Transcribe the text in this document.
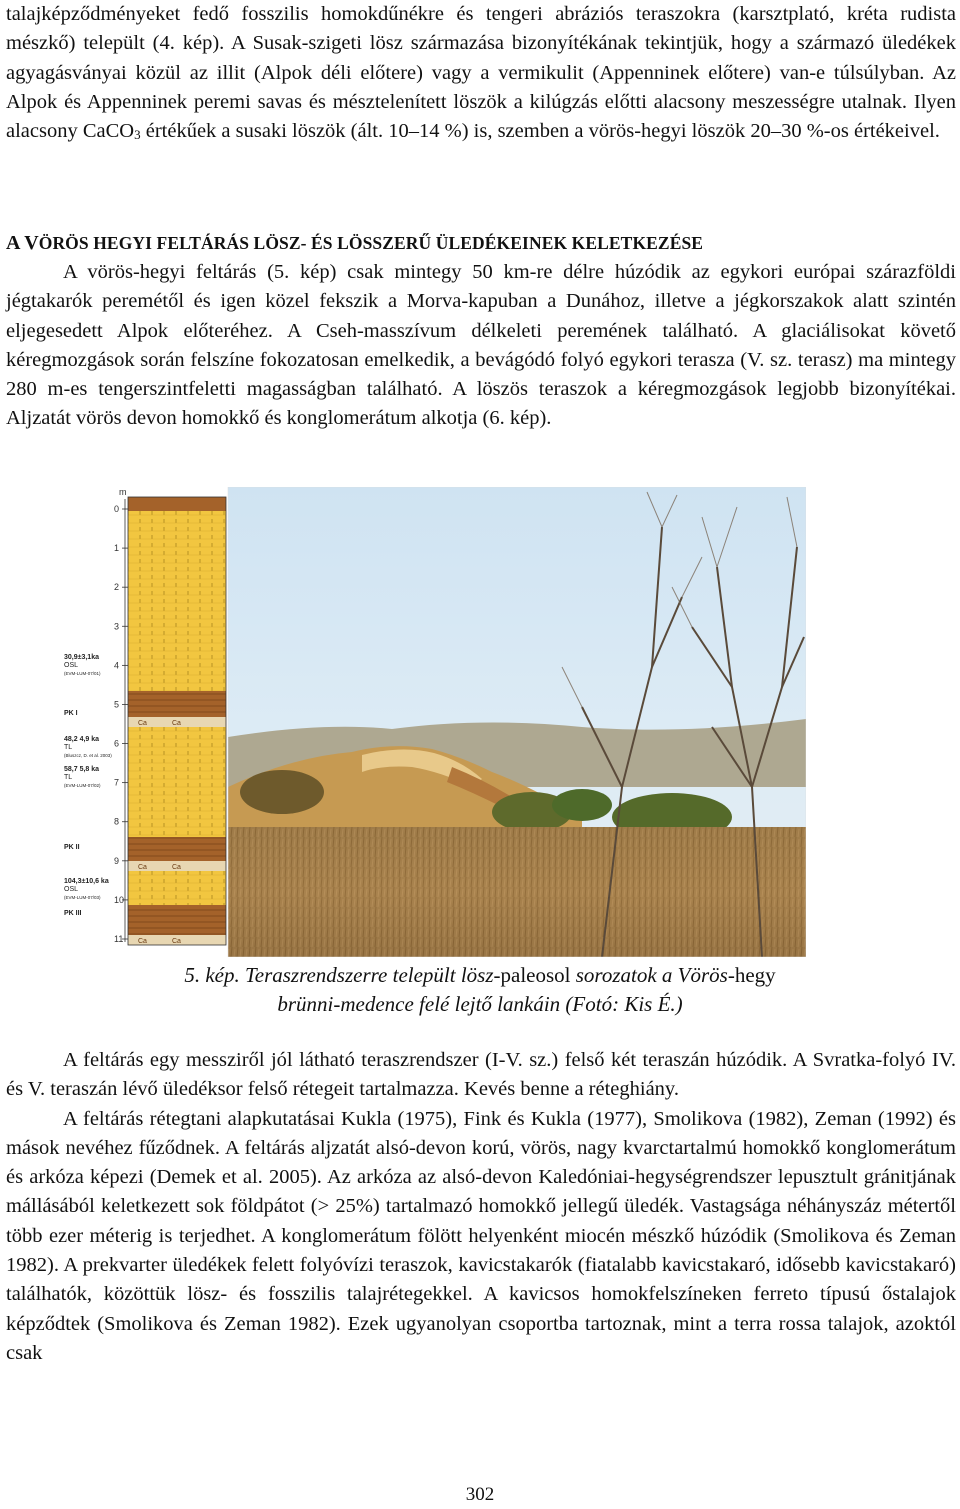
talajképződményeket fedő fosszilis homokdűnékre és tengeri abráziós teraszokra (karsztplató, kréta rudista mészkő) települt (4. kép). A Susak-szigeti lösz származása bizonyítékának tekintjük, hogy a származó üledékek agyagásványai közül az illit (Alpok déli előtere) vagy a vermikulit (Appenninek előtere) van-e túlsúlyban. Az Alpok és Appenninek peremi savas és mésztelenített löszök a kilúgzás előtti alacsony meszességre utalnak. Ilyen alacsony CaCO$_3$ értékűek a susaki löszök (ált. 10–14 %) is, szemben a vörös-hegyi löszök 20–30 %-os értékeivel.
A VÖRÖS HEGYI FELTÁRÁS LÖSZ- ÉS LÖSSZERŰ ÜLEDÉKEINEK KELETKEZÉSE
A vörös-hegyi feltárás (5. kép) csak mintegy 50 km-re délre húzódik az egykori európai szárazföldi jégtakarók peremétől és igen közel fekszik a Morva-kapuban a Dunához, illetve a jégkorszakok alatt szintén eljegesedett Alpok előteréhez. A Cseh-masszívum délkeleti peremének található. A glaciálisokat követő kéregmozgások során felszíne fokozatosan emelkedik, a bevágódó folyó egykori terasza (V. sz. terasz) ma mintegy 280 m-es tengerszintfeletti magasságban található. A löszös teraszok a kéregmozgások legjobb bizonyítékai. Aljzatát vörös devon homokkő és konglomerátum alkotja (6. kép).
m
0
1
2
3
4
5
6
7
8
9
10
11
Ca	Ca
Ca	Ca
Ca	Ca
30,9±3,1ka
OSL
(EVM-LUM-07/01)
PK I
48,2 4,9 ka
TL
(Bluszcz, D. et al. 2003)
58,7 5,8 ka
TL
(EVM-LUM-07/02)
PK II
104,3±10,6 ka
OSL
(EVM-LUM-07/03)
PK III
5. kép. Teraszrendszerre települt lösz-paleosol sorozatok a Vörös-hegy
brünni-medence felé lejtő lankáin (Fotó: Kis É.)
A feltárás egy messziről jól látható teraszrendszer (I-V. sz.) felső két teraszán húzódik. A Svratka-folyó IV. és V. teraszán lévő üledéksor felső rétegeit tartalmazza. Kevés benne a réteghiány.
A feltárás rétegtani alapkutatásai Kukla (1975), Fink és Kukla (1977), Smolikova (1982), Zeman (1992) és mások nevéhez fűződnek. A feltárás aljzatát alsó-devon korú, vörös, nagy kvarctartalmú homokkő konglomerátum és arkóza képezi (Demek et al. 2005). Az arkóza az alsó-devon Kaledóniai-hegységrendszer lepusztult gránitjának mállásából keletkezett sok földpátot (> 25%) tartalmazó homokkő jellegű üledék. Vastagsága néhányszáz métertől több ezer méterig is terjedhet. A konglomerátum fölött helyenként miocén mészkő húzódik (Smolikova és Zeman 1982). A prekvarter üledékek felett folyóvízi teraszok, kavicstakarók (fiatalabb kavicstakaró, idősebb kavicstakaró) találhatók, közöttük lösz- és fosszilis talajrétegekkel. A kavicsos homokfelszíneken ferreto típusú őstalajok képződtek (Smolikova és Zeman 1982). Ezek ugyanolyan csoportba tartoznak, mint a terra rossa talajok, azoktól csak
302
